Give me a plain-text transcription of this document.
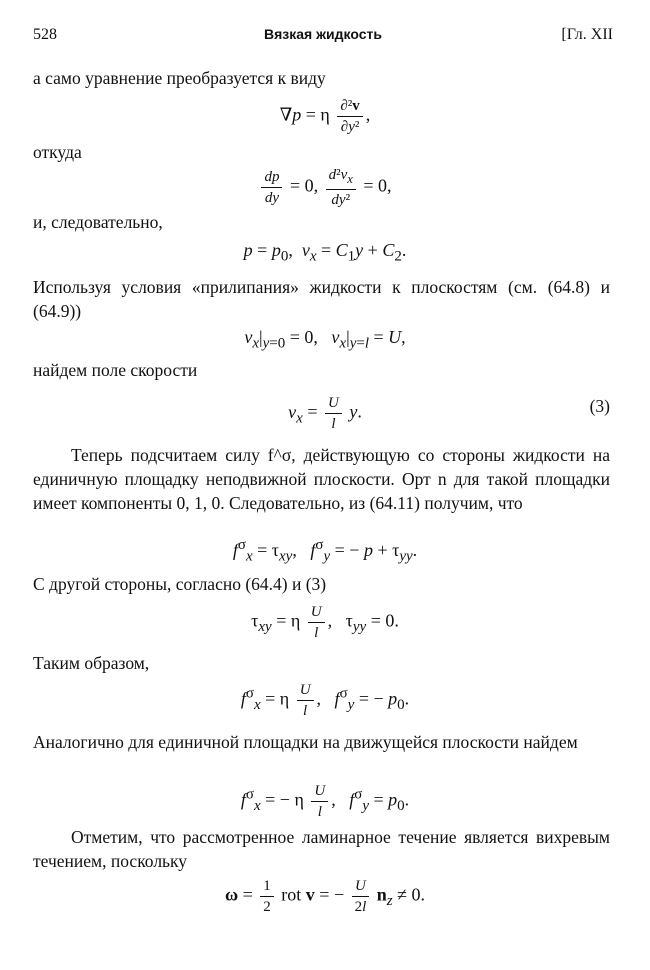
528	Вязкая жидкость	[Гл. XII
а само уравнение преобразуется к виду
∇p = η $\frac{\text{∂²v}}{\text{∂y²}}$ ,
откуда
$\frac{dp}{dy} = 0$, $\frac{d^2v_x}{\text{dy²}} = 0$,
и, следовательно,
$p = p_0$,  $v_x = C_1y + C_2$.
Используя условия «прилипания» жидкости к плоскостям (см. (64.8) и (64.9))
$v_x|_{y=0} = 0$,   $v_x|_{y=l} = U$,
найдем поле скорости
$v_x = \frac{U}{l} y$.	(3)
Теперь подсчитаем силу f^σ, действующую со стороны жидкости на единичную площадку неподвижной плоскости. Орт n для такой площадки имеет компоненты 0, 1, 0. Следовательно, из (64.11) получим, что
$f^\sigma_x = \tau_{xy}$,   $f^\sigma_y$ = − $p + \tau_{yy}$.
С другой стороны, согласно (64.4) и (3)
$\tau_{xy} = \eta \frac{U}{l}$ ,   $\tau_{yy} = 0$.
Таким образом,
$f^\sigma_x = \eta \frac{U}{l}$ ,   $f^\sigma_y$ = − $p_0$.
Аналогично для единичной площадки на движущейся плоскости найдем
$f^\sigma_x$ = − η $\frac{U}{l}$ ,   $f^\sigma_y = p_0$.
Отметим, что рассмотренное ламинарное течение является вихревым течением, поскольку
$\omega = \frac{1}{2}$ rot v = − $\frac{U}{2l} n_z \ne 0$.
